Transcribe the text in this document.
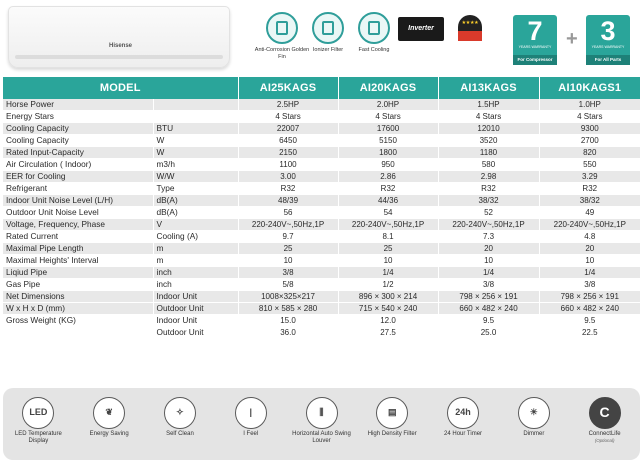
Hisense
Anti-Corrosion Golden Fin
Ionizer Filter	Fast Cooling
Inverter
★★★★	7
YEARS WARRANTY
For Compressor
+ 3
YEARS WARRANTY
For All Parts
MODEL		AI25KAGS	AI20KAGS	AI13KAGS	AI10KAGS1
Horse Power		2.5HP	2.0HP	1.5HP	1.0HP
Energy Stars		4 Stars	4 Stars	4 Stars	4 Stars
Cooling Capacity	BTU	22007	17600	12010	9300
Cooling Capacity	W	6450	5150	3520	2700
Rated Input-Capacity	W	2150	1800	1180	820
Air Circulation ( Indoor)	m3/h	1100	950	580	550
EER for Cooling	W/W	3.00	2.86	2.98	3.29
Refrigerant	Type	R32	R32	R32	R32
Indoor Unit Noise Level (L/H)	dB(A)	48/39	44/36	38/32	38/32
Outdoor Unit Noise Level	dB(A)	56	54	52	49
Voltage, Frequency, Phase	V	220-240V~,50Hz,1P	220-240V~,50Hz,1P	220-240V~,50Hz,1P	220-240V~,50Hz,1P
Rated Current	Cooling (A)	9.7	8.1	7.3	4.8
Maximal Pipe Length	m	25	25	20	20
Maximal Heights' Interval	m	10	10	10	10
Liqiud Pipe	inch	3/8	1/4	1/4	1/4
Gas Pipe	inch	5/8	1/2	3/8	3/8
Net Dimensions	Indoor Unit	1008×325×217	896 × 300 × 214	798 × 256 × 191	798 × 256 × 191
W x H x D (mm)	Outdoor Unit	810 × 585 × 280	715 × 540 × 240	660 × 482 × 240	660 × 482 × 240
Gross Weight (KG)	Indoor Unit	15.0	12.0	9.5	9.5
	Outdoor Unit	36.0	27.5	25.0	22.5
LED
LED Temperature Display
❦
Energy Saving
✧
Self Clean
|
I Feel
⫼
Horizontal Auto Swing Louver
▤
High Density Filter
24h
24 Hour Timer
☀
Dimmer
C
ConnectLife
(Optional)
